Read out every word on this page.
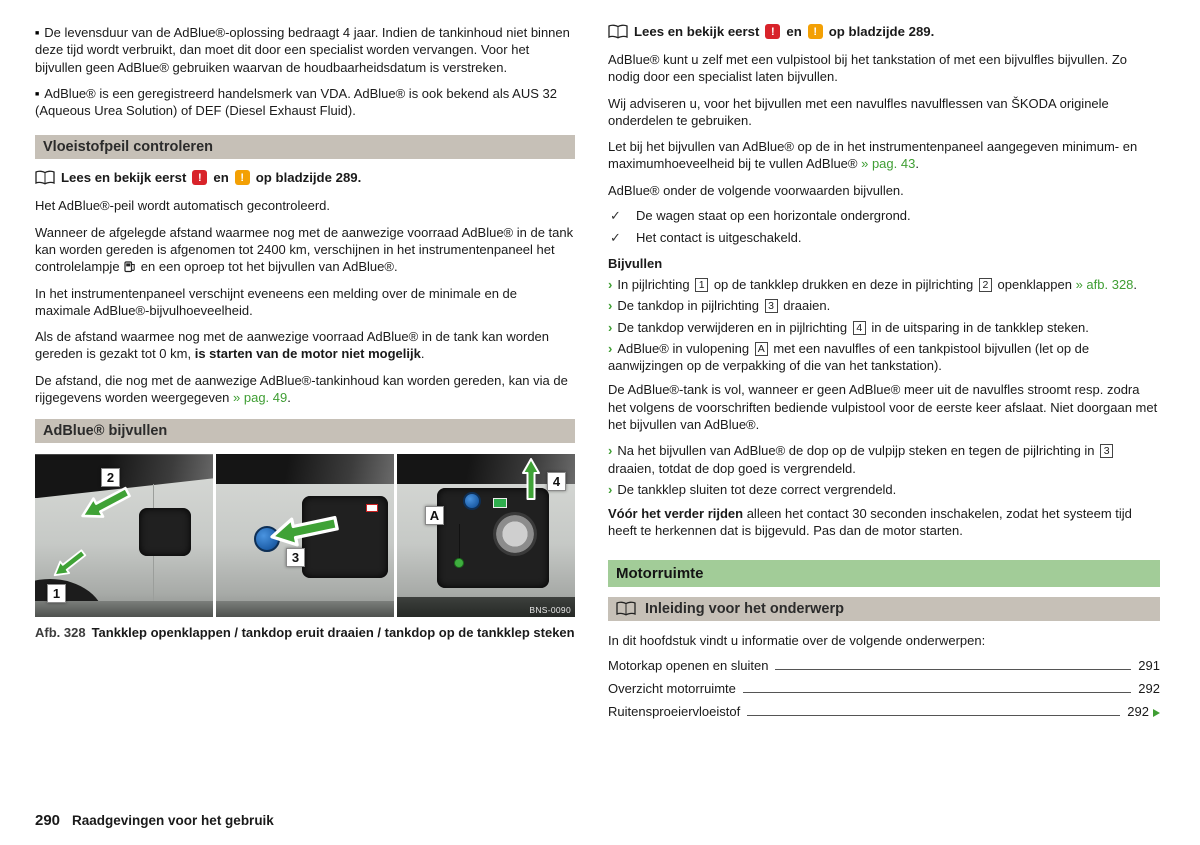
■ De levensduur van de AdBlue®-oplossing bedraagt 4 jaar. Indien de tankinhoud niet binnen deze tijd wordt verbruikt, dan moet dit door een specialist worden vervangen. Voor het bijvullen geen AdBlue® gebruiken waarvan de houdbaarheidsdatum is verstreken.

■ AdBlue® is een geregistreerd handelsmerk van VDA. AdBlue® is ook bekend als AUS 32 (Aqueous Urea Solution) of DEF (Diesel Exhaust Fluid).

Vloeistofpeil controleren
Lees en bekijk eerst ! en ! op bladzijde 289.

Het AdBlue®-peil wordt automatisch gecontroleerd.

Wanneer de afgelegde afstand waarmee nog met de aanwezige voorraad AdBlue® in de tank kan worden gereden is afgenomen tot 2400 km, verschijnen in het instrumentenpaneel het controlelampje en een oproep tot het bijvullen van AdBlue®.

In het instrumentenpaneel verschijnt eveneens een melding over de minimale en de maximale AdBlue®-bijvulhoeveelheid.

Als de afstand waarmee nog met de aanwezige voorraad AdBlue® in de tank kan worden gereden is gezakt tot 0 km, is starten van de motor niet mogelijk.

De afstand, die nog met de aanwezige AdBlue®-tankinhoud kan worden gereden, kan via de rijgegevens worden weergegeven » pag. 49.

AdBlue® bijvullen
2
1
3
4
A
BNS-0090
Afb. 328 Tankklep openklappen / tankdop eruit draaien / tankdop op de tankklep steken
Lees en bekijk eerst ! en ! op bladzijde 289.

AdBlue® kunt u zelf met een vulpistool bij het tankstation of met een bijvulfles bijvullen. Zo nodig door een specialist laten bijvullen.

Wij adviseren u, voor het bijvullen met een navulfles navulflessen van ŠKODA originele onderdelen te gebruiken.

Let bij het bijvullen van AdBlue® op de in het instrumentenpaneel aangegeven minimum- en maximumhoeveelheid bij te vullen AdBlue® » pag. 43.

AdBlue® onder de volgende voorwaarden bijvullen.

✓ De wagen staat op een horizontale ondergrond.
✓ Het contact is uitgeschakeld.
Bijvullen

› In pijlrichting 1 op de tankklep drukken en deze in pijlrichting 2 openklappen » afb. 328.

› De tankdop in pijlrichting 3 draaien.

› De tankdop verwijderen en in pijlrichting 4 in de uitsparing in de tankklep steken.

› AdBlue® in vulopening A met een navulfles of een tankpistool bijvullen (let op de aanwijzingen op de verpakking of die van het tankstation).

De AdBlue®-tank is vol, wanneer er geen AdBlue® meer uit de navulfles stroomt resp. zodra het volgens de voorschriften bediende vulpistool voor de eerste keer afslaat. Niet doorgaan met het bijvullen van AdBlue®.

› Na het bijvullen van AdBlue® de dop op de vulpijp steken en tegen de pijlrichting in 3 draaien, totdat de dop goed is vergrendeld.

› De tankklep sluiten tot deze correct vergrendeld.

Vóór het verder rijden alleen het contact 30 seconden inschakelen, zodat het systeem tijd heeft te herkennen dat is bijgevuld. Pas dan de motor starten.

Motorruimte
Inleiding voor het onderwerp

In dit hoofdstuk vindt u informatie over de volgende onderwerpen:

Motorkap openen en sluiten	291
Overzicht motorruimte	292
Ruitensproeiervloeistof	292
290 Raadgevingen voor het gebruik
